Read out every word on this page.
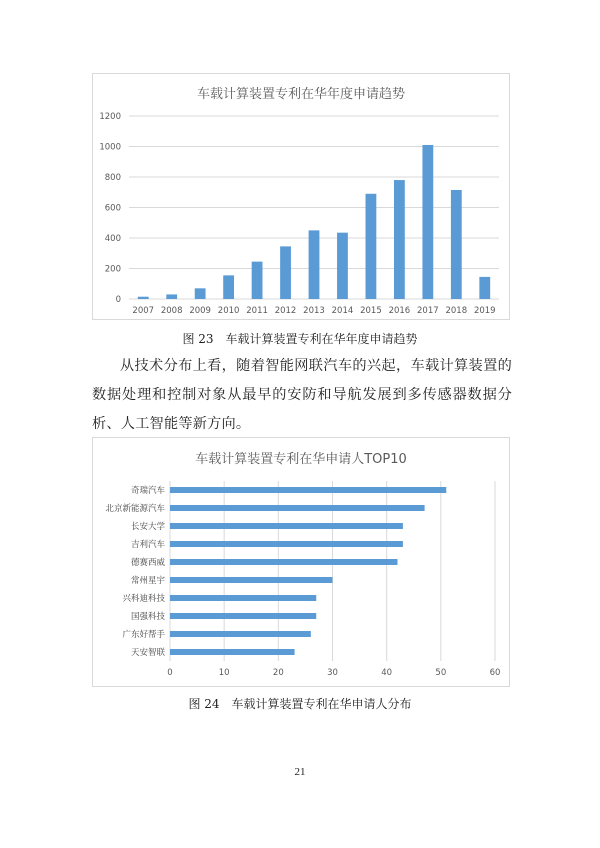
车载计算装置专利在华年度申请趋势
0
200
400
600
800
1000
1200
2007 2008 2009 2010 2011 2012 2013 2014 2015 2016 2017 2018 2019
图 23　车载计算装置专利在华年度申请趋势

从技术分布上看，随着智能网联汽车的兴起，车载计算装置的数据处理和控制对象从最早的安防和导航发展到多传感器数据分析、人工智能等新方向。

车载计算装置专利在华申请人TOP10
0	10	20	30	40	50	60
奇瑞汽车
北京新能源汽车
长安大学
吉利汽车
德赛西威
常州星宇
兴科迪科技
国强科技
广东好帮手
天安智联
图 24　车载计算装置专利在华申请人分布
21
